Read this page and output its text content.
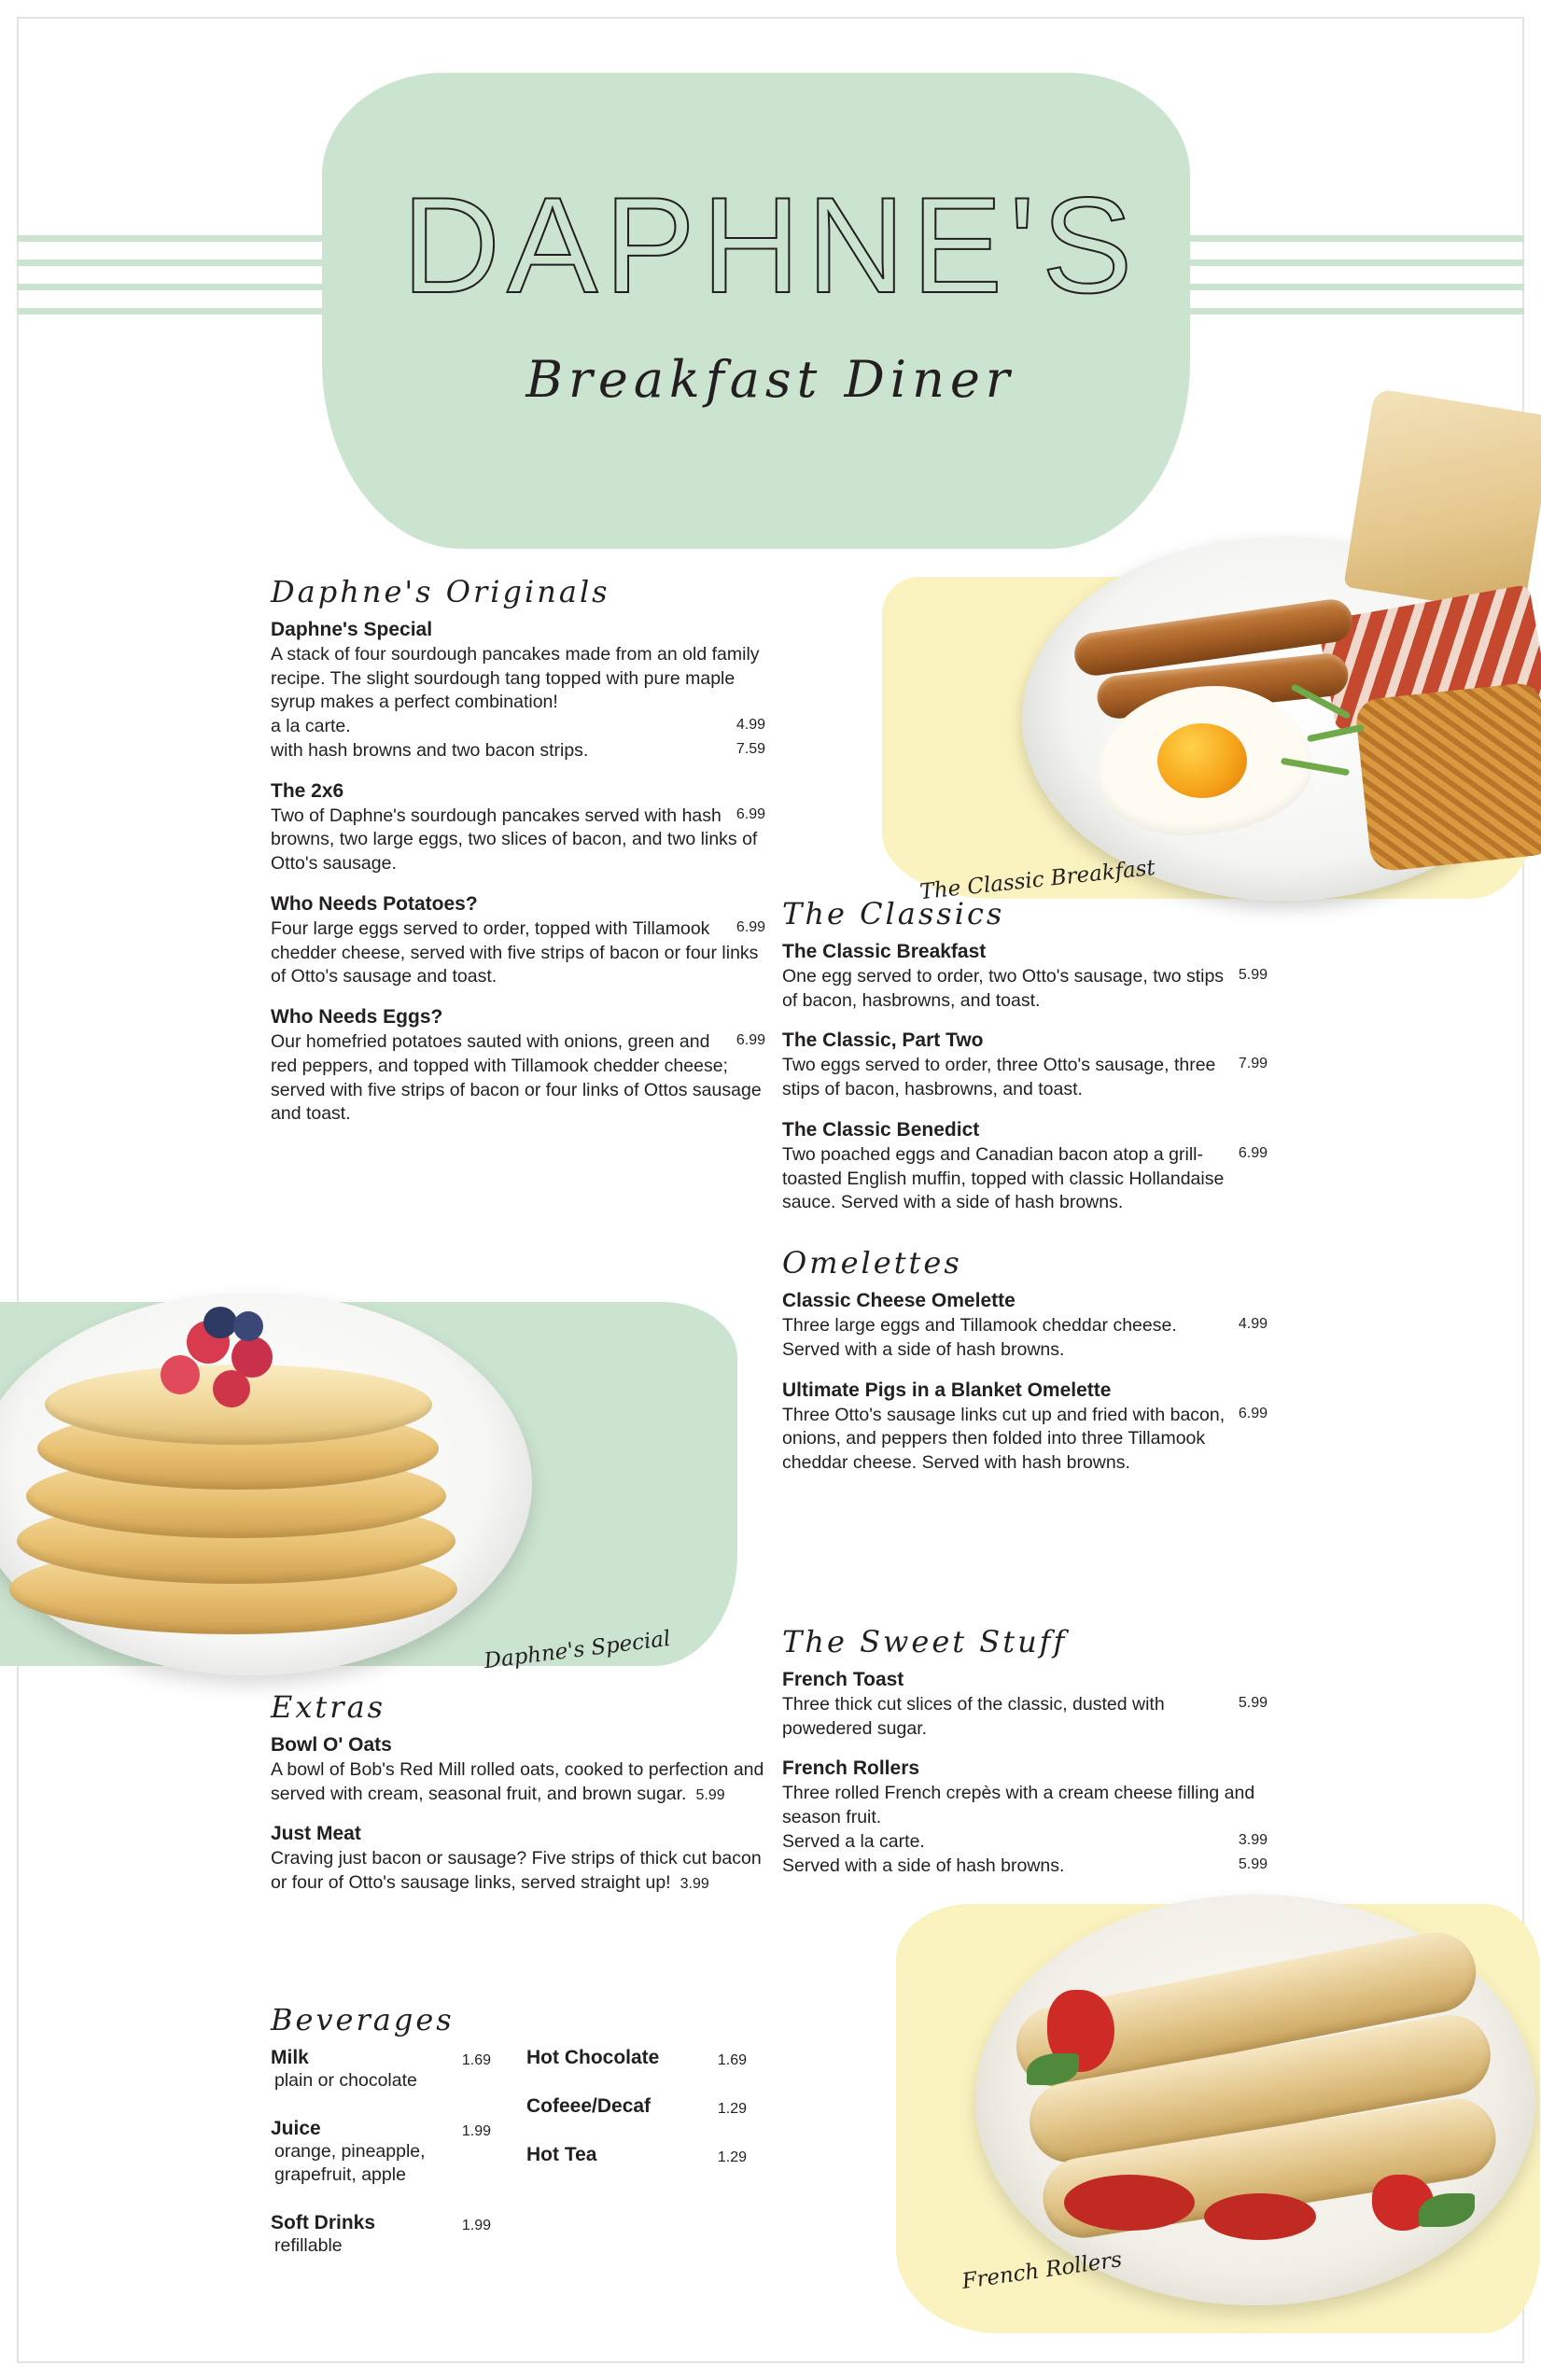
DAPHNE'S
Breakfast Diner
The Classic Breakfast
Daphne's Special
French Rollers
Daphne's Originals
Daphne's Special
A stack of four sourdough pancakes made from an old family recipe. The slight sourdough tang topped with pure maple syrup makes a perfect combination!
4.99
a la carte.
7.59
with hash browns and two bacon strips.
The 2x6
6.99
Two of Daphne's sourdough pancakes served with hash browns, two large eggs, two slices of bacon, and two links of Otto's sausage.
Who Needs Potatoes?
6.99
Four large eggs served to order, topped with Tillamook chedder cheese, served with five strips of bacon or four links of Otto's sausage and toast.
Who Needs Eggs?
6.99
Our homefried potatoes sauted with onions, green and red peppers, and topped with Tillamook chedder cheese; served with five strips of bacon or four links of Ottos sausage and toast.
The Classics
The Classic Breakfast
5.99
One egg served to order, two Otto's sausage, two stips of bacon, hasbrowns, and toast.
The Classic, Part Two
7.99
Two eggs served to order, three Otto's sausage, three stips of bacon, hasbrowns, and toast.
The Classic Benedict
6.99
Two poached eggs and Canadian bacon atop a grill-toasted English muffin, topped with classic Hollandaise sauce. Served with a side of hash browns.
Omelettes
Classic Cheese Omelette
4.99
Three large eggs and Tillamook cheddar cheese. Served with a side of hash browns.
Ultimate Pigs in a Blanket Omelette
6.99
Three Otto's sausage links cut up and fried with bacon, onions, and peppers then folded into three Tillamook cheddar cheese. Served with hash browns.
The Sweet Stuff
French Toast
5.99
Three thick cut slices of the classic, dusted with powedered sugar.
French Rollers
Three rolled French crepès with a cream cheese filling and season fruit.
3.99
Served a la carte.
5.99
Served with a side of hash browns.
Extras
Bowl O' Oats
A bowl of Bob's Red Mill rolled oats, cooked to perfection and served with cream, seasonal fruit, and brown sugar. 5.99
Just Meat
Craving just bacon or sausage? Five strips of thick cut bacon or four of Otto's sausage links, served straight up! 3.99
Beverages
Milk	1.69
plain or chocolate
Juice	1.99
orange, pineapple, grapefruit, apple
Soft Drinks	1.99
refillable
Hot Chocolate	1.69
Cofeee/Decaf	1.29
Hot Tea	1.29
